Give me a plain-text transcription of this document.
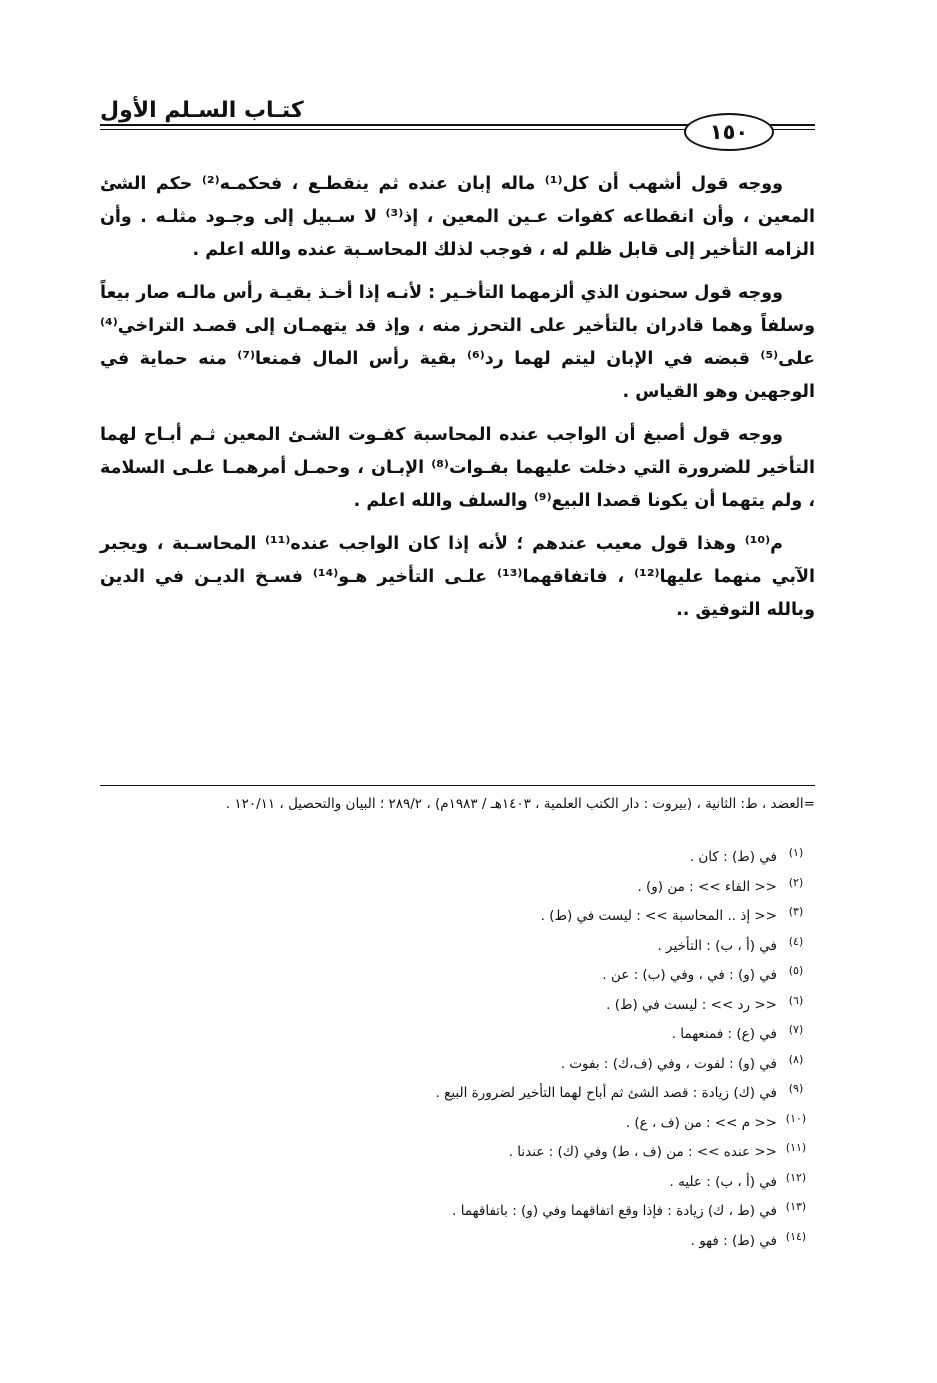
كتـاب السـلم الأول
١٥٠

ووجه قول أشهب أن كل⁽¹⁾ ماله إبان عنده ثم ينقطـع ، فحكمـه⁽²⁾ حكم الشئ المعين ، وأن انقطاعه كفوات عـين المعين ، إذ⁽³⁾ لا سـبيل إلى وجـود مثلـه . وأن الزامه التأخير إلى قابل ظلم له ، فوجب لذلك المحاسـبة عنده والله اعلم .

ووجه قول سحنون الذي ألزمهما التأخـير : لأنـه إذا أخـذ بقيـة رأس مالـه صار بيعاً وسلفاً وهما قادران بالتأخير على التحرز منه ، وإذ قد يتهمـان إلى قصـد التراخي⁽⁴⁾ على⁽⁵⁾ قبضه في الإبان ليتم لهما رد⁽⁶⁾ بقية رأس المال فمنعا⁽⁷⁾ منه حماية في الوجهين وهو القياس .

ووجه قول أصبغ أن الواجب عنده المحاسبة كفـوت الشـئ المعين ثـم أبـاح لهما التأخير للضرورة التي دخلت عليهما بفـوات⁽⁸⁾ الإبـان ، وحمـل أمرهمـا علـى السلامة ، ولم يتهما أن يكونا قصدا البيع⁽⁹⁾ والسلف والله اعلم .

م⁽¹⁰⁾ وهذا قول معيب عندهم ؛ لأنه إذا كان الواجب عنده⁽¹¹⁾ المحاسـبة ، ويجبر الآبي منهما عليها⁽¹²⁾ ، فاتفاقهما⁽¹³⁾ علـى التأخير هـو⁽¹⁴⁾ فسـخ الديـن في الدين وبالله التوفيق ..

=العضد ، ط: الثانية ، (بيروت : دار الكتب العلمية ، ١٤٠٣هـ / ١٩٨٣م) ، ٢٨٩/٢ ؛ البيان والتحصيل ، ١٢٠/١١ .
(١)في (ط) : كان .
(٢)<< الفاء >> : من (و) .
(٣)<< إذ .. المحاسبة >> : ليست في (ط) .
(٤)في (أ ، ب) : التأخير .
(٥)في (و) : في ، وفي (ب) : عن .
(٦)<< رد >> : ليست في (ط) .
(٧)في (ع) : فمنعهما .
(٨)في (و) : لفوت ، وفي (ف،ك) : بفوت .
(٩)في (ك) زيادة : قصد الشئ ثم أباح لهما التأخير لضرورة البيع .
(١٠)<< م >> : من (ف ، ع) .
(١١)<< عنده >> : من (ف ، ط) وفي (ك) : عندنا .
(١٢)في (أ ، ب) : عليه .
(١٣)في (ط ، ك) زيادة : فإذا وقع اتفاقهما وفي (و) : باتفاقهما .
(١٤)في (ط) : فهو .
